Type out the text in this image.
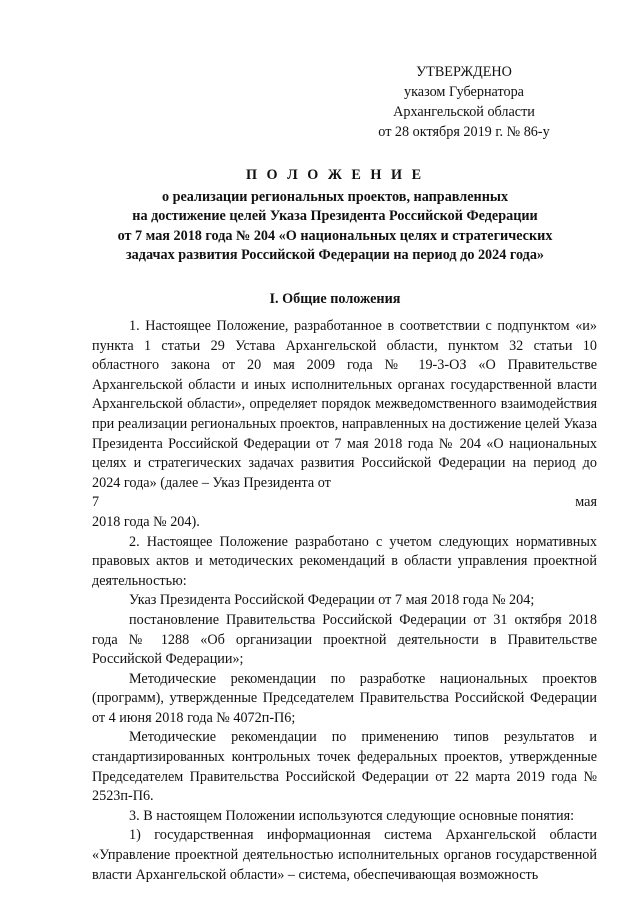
УТВЕРЖДЕНО
указом Губернатора
Архангельской области
от 28 октября 2019 г. № 86-у
П О Л О Ж Е Н И Е
о реализации региональных проектов, направленных
на достижение целей Указа Президента Российской Федерации
от 7 мая 2018 года № 204 «О национальных целях и стратегических
задачах развития Российской Федерации на период до 2024 года»
I. Общие положения

1. Настоящее Положение, разработанное в соответствии с подпунктом «и» пункта 1 статьи 29 Устава Архангельской области, пунктом 32 статьи 10 областного закона от 20 мая 2009 года № 19-3-ОЗ «О Правительстве Архангельской области и иных исполнительных органах государственной власти Архангельской области», определяет порядок межведомственного взаимодействия при реализации региональных проектов, направленных на достижение целей Указа Президента Российской Федерации от 7 мая 2018 года № 204 «О национальных целях и стратегических задачах развития Российской Федерации на период до 2024 года» (далее – Указ Президента от

7	мая

2018 года № 204).

2. Настоящее Положение разработано с учетом следующих нормативных правовых актов и методических рекомендаций в области управления проектной деятельностью:

Указ Президента Российской Федерации от 7 мая 2018 года № 204;

постановление Правительства Российской Федерации от 31 октября 2018 года № 1288 «Об организации проектной деятельности в Правительстве Российской Федерации»;

Методические рекомендации по разработке национальных проектов (программ), утвержденные Председателем Правительства Российской Федерации от 4 июня 2018 года № 4072п-П6;

Методические рекомендации по применению типов результатов и стандартизированных контрольных точек федеральных проектов, утвержденные Председателем Правительства Российской Федерации от 22 марта 2019 года № 2523п-П6.

3. В настоящем Положении используются следующие основные понятия:

1) государственная информационная система Архангельской области «Управление проектной деятельностью исполнительных органов государственной власти Архангельской области» – система, обеспечивающая возможность
